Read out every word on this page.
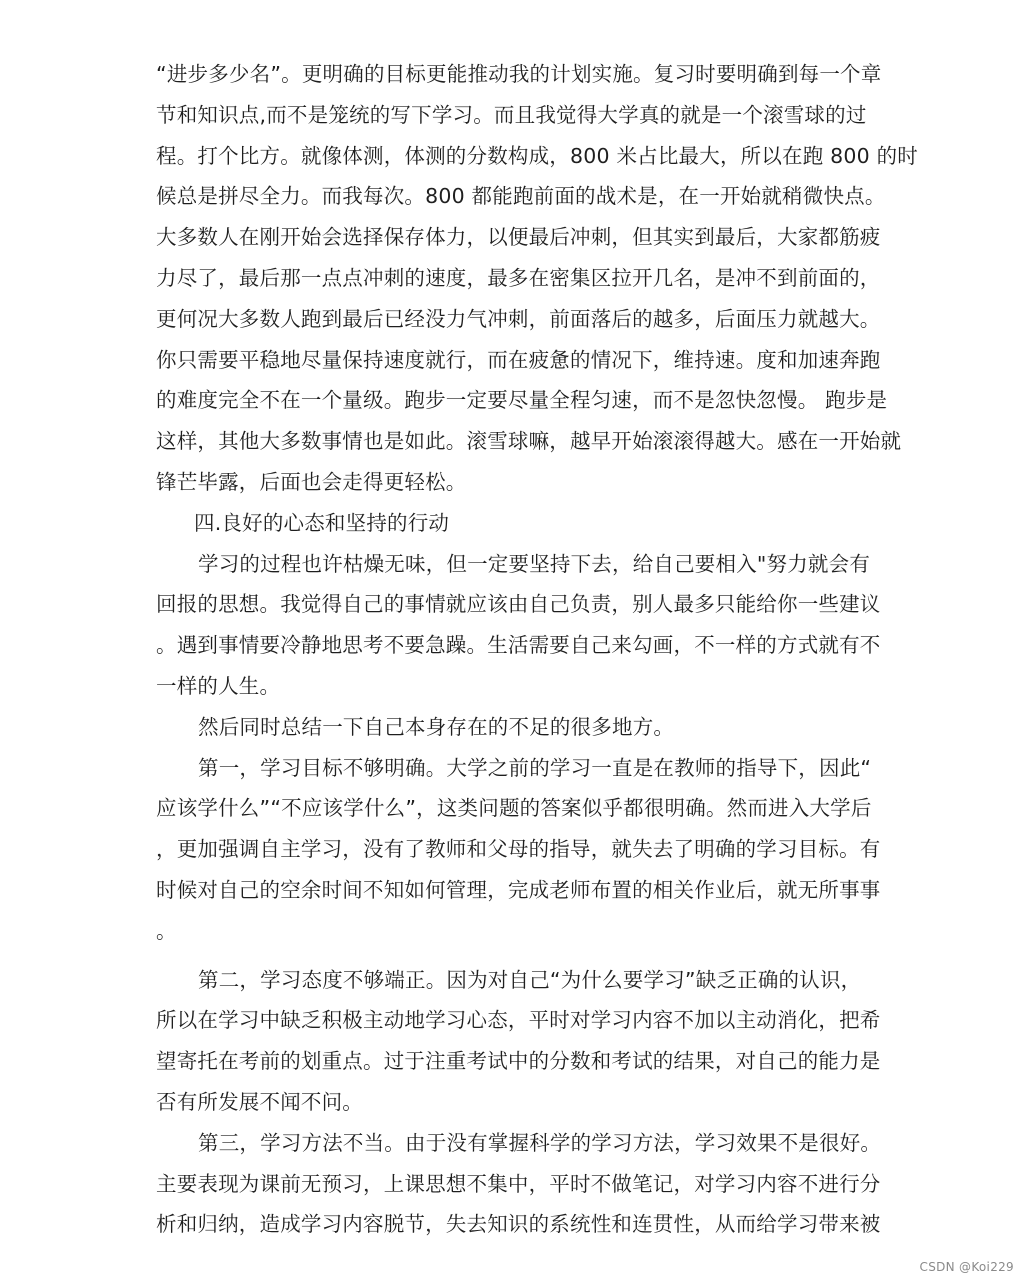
“进步多少名”。更明确的目标更能推动我的计划实施。复习时要明确到每一个章
节和知识点,而不是笼统的写下学习。而且我觉得大学真的就是一个滚雪球的过
程。打个比方。就像体测，体测的分数构成，800 米占比最大，所以在跑 800 的时
候总是拼尽全力。而我每次。800 都能跑前面的战术是，在一开始就稍微快点。
大多数人在刚开始会选择保存体力，以便最后冲刺，但其实到最后，大家都筋疲
力尽了，最后那一点点冲刺的速度，最多在密集区拉开几名，是冲不到前面的，
更何况大多数人跑到最后已经没力气冲刺，前面落后的越多，后面压力就越大。
你只需要平稳地尽量保持速度就行，而在疲惫的情况下，维持速。度和加速奔跑
的难度完全不在一个量级。跑步一定要尽量全程匀速，而不是忽快忽慢。 跑步是
这样，其他大多数事情也是如此。滚雪球嘛，越早开始滚滚得越大。感在一开始就
锋芒毕露，后面也会走得更轻松。
四.良好的心态和坚持的行动
学习的过程也许枯燥无味，但一定要坚持下去，给自己要相入"努力就会有
回报的思想。我觉得自己的事情就应该由自己负责，别人最多只能给你一些建议
。遇到事情要冷静地思考不要急躁。生活需要自己来勾画，不一样的方式就有不
一样的人生。
然后同时总结一下自己本身存在的不足的很多地方。
第一，学习目标不够明确。大学之前的学习一直是在教师的指导下，因此“
应该学什么”“不应该学什么”，这类问题的答案似乎都很明确。然而进入大学后
，更加强调自主学习，没有了教师和父母的指导，就失去了明确的学习目标。有
时候对自己的空余时间不知如何管理，完成老师布置的相关作业后，就无所事事
。
第二，学习态度不够端正。因为对自己“为什么要学习”缺乏正确的认识，
所以在学习中缺乏积极主动地学习心态，平时对学习内容不加以主动消化，把希
望寄托在考前的划重点。过于注重考试中的分数和考试的结果，对自己的能力是
否有所发展不闻不问。
第三，学习方法不当。由于没有掌握科学的学习方法，学习效果不是很好。
主要表现为课前无预习，上课思想不集中，平时不做笔记，对学习内容不进行分
析和归纳，造成学习内容脱节，失去知识的系统性和连贯性，从而给学习带来被
CSDN @Koi229
